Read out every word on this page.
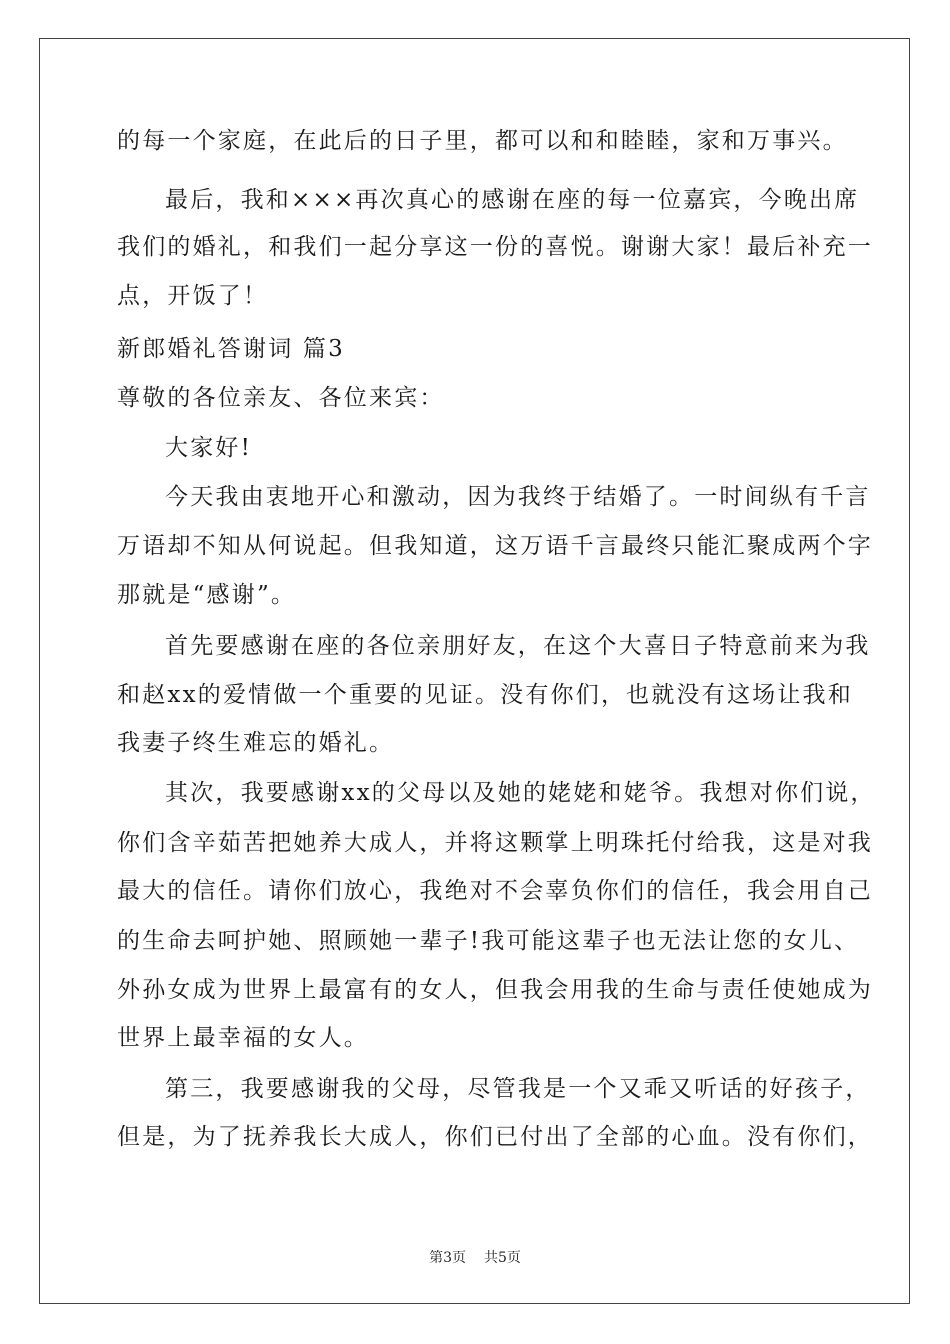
的每一个家庭，在此后的日子里，都可以和和睦睦，家和万事兴。
最后，我和×××再次真心的感谢在座的每一位嘉宾，今晚出席
我们的婚礼，和我们一起分享这一份的喜悦。谢谢大家！最后补充一
点，开饭了！
新郎婚礼答谢词 篇3
尊敬的各位亲友、各位来宾：
大家好!
今天我由衷地开心和激动，因为我终于结婚了。一时间纵有千言
万语却不知从何说起。但我知道，这万语千言最终只能汇聚成两个字
那就是“感谢”。
首先要感谢在座的各位亲朋好友，在这个大喜日子特意前来为我
和赵xx的爱情做一个重要的见证。没有你们，也就没有这场让我和
我妻子终生难忘的婚礼。
其次，我要感谢xx的父母以及她的姥姥和姥爷。我想对你们说，
你们含辛茹苦把她养大成人，并将这颗掌上明珠托付给我，这是对我
最大的信任。请你们放心，我绝对不会辜负你们的信任，我会用自己
的生命去呵护她、照顾她一辈子!我可能这辈子也无法让您的女儿、
外孙女成为世界上最富有的女人，但我会用我的生命与责任使她成为
世界上最幸福的女人。
第三，我要感谢我的父母，尽管我是一个又乖又听话的好孩子，
但是，为了抚养我长大成人，你们已付出了全部的心血。没有你们，
第3页 共5页
